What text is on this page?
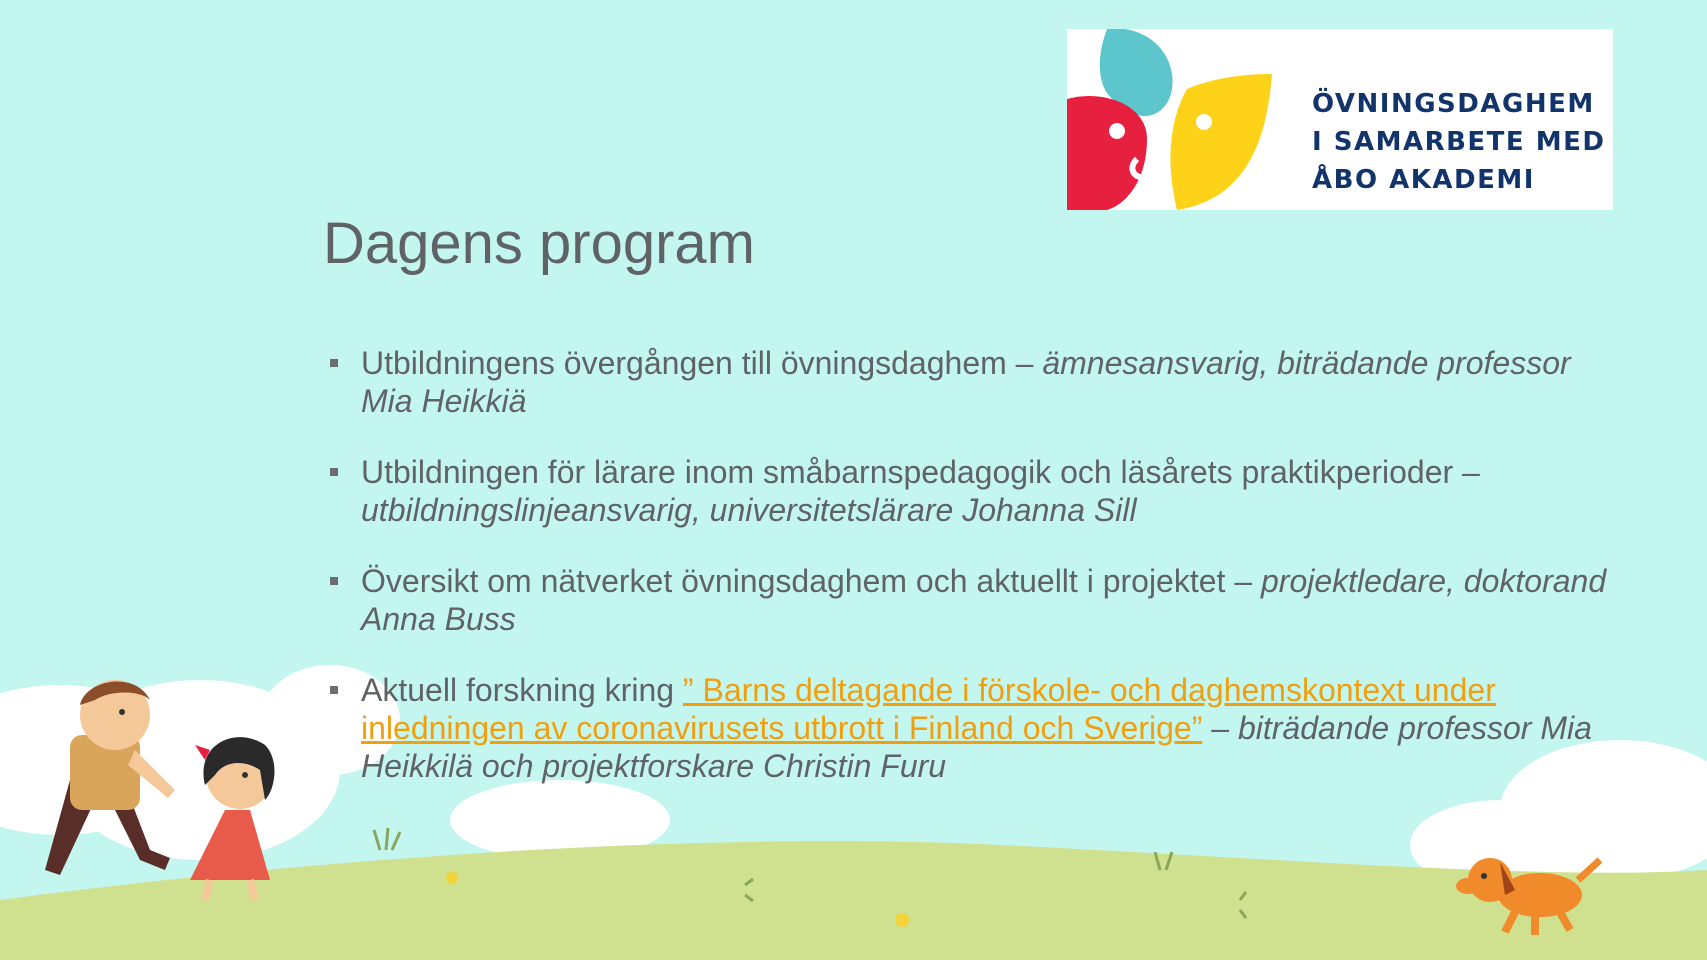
ÖVNINGSDAGHEM
I SAMARBETE MED
ÅBO AKADEMI
Dagens program
Utbildningens övergången till övningsdaghem – ämnesansvarig, biträdande professor Mia Heikkiä
Utbildningen för lärare inom småbarnspedagogik och läsårets praktikperioder – utbildningslinjeansvarig, universitetslärare Johanna Sill
Översikt om nätverket övningsdaghem och aktuellt i projektet – projektledare, doktorand Anna Buss
Aktuell forskning kring ” Barns deltagande i förskole- och daghemskontext under inledningen av coronavirusets utbrott i Finland och Sverige” – biträdande professor Mia Heikkilä och projektforskare Christin Furu
